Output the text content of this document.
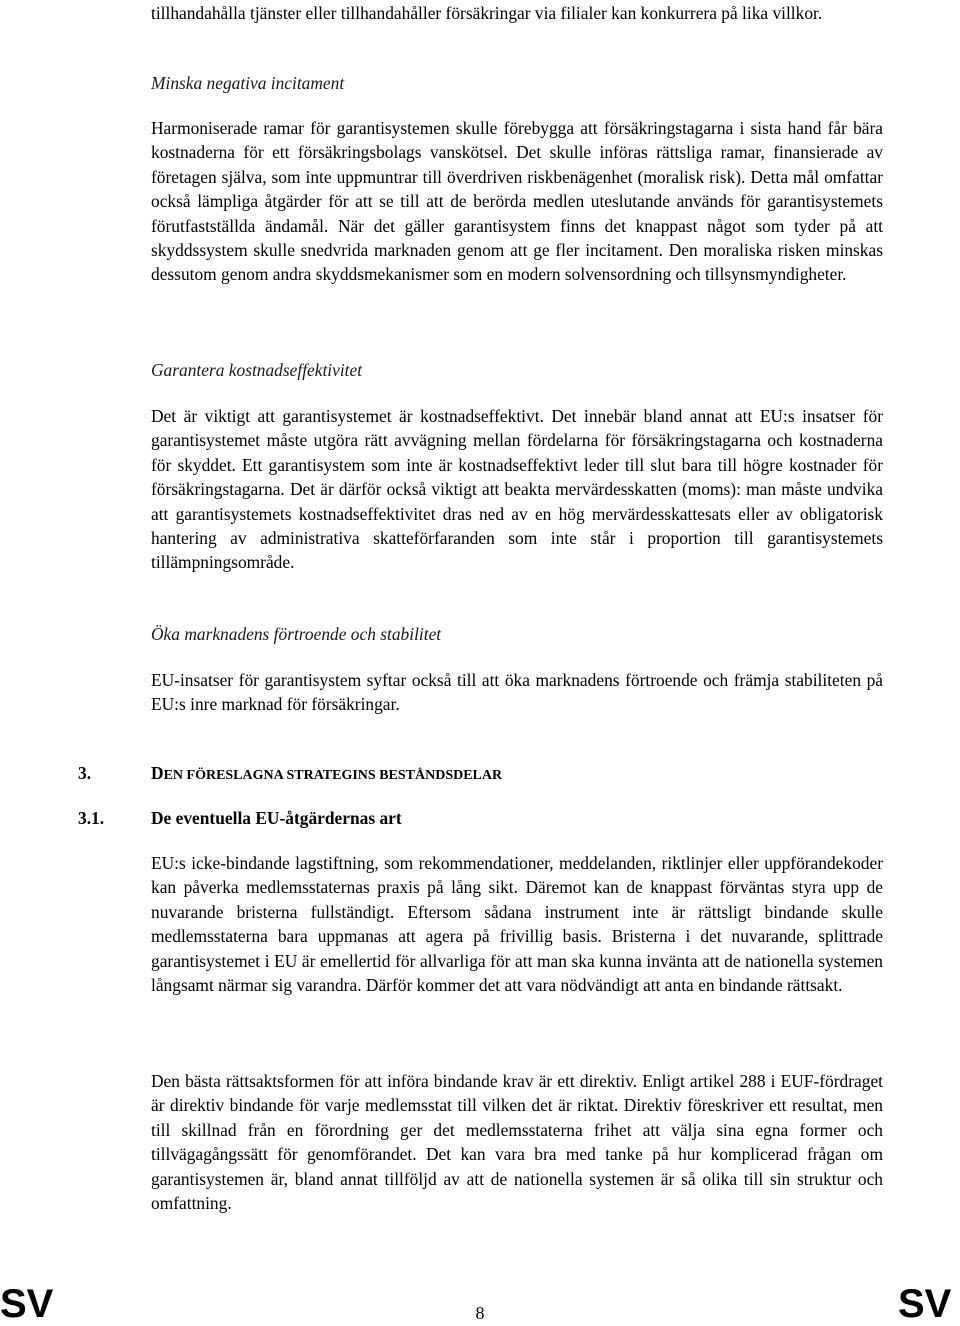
tillhandahålla tjänster eller tillhandahåller försäkringar via filialer kan konkurrera på lika villkor.

Minska negativa incitament

Harmoniserade ramar för garantisystemen skulle förebygga att försäkringstagarna i sista hand får bära kostnaderna för ett försäkringsbolags vanskötsel. Det skulle införas rättsliga ramar, finansierade av företagen själva, som inte uppmuntrar till överdriven riskbenägenhet (moralisk risk). Detta mål omfattar också lämpliga åtgärder för att se till att de berörda medlen uteslutande används för garantisystemets förutfastställda ändamål. När det gäller garantisystem finns det knappast något som tyder på att skyddssystem skulle snedvrida marknaden genom att ge fler incitament. Den moraliska risken minskas dessutom genom andra skyddsmekanismer som en modern solvensordning och tillsynsmyndigheter.

Garantera kostnadseffektivitet

Det är viktigt att garantisystemet är kostnadseffektivt. Det innebär bland annat att EU:s insatser för garantisystemet måste utgöra rätt avvägning mellan fördelarna för försäkringstagarna och kostnaderna för skyddet. Ett garantisystem som inte är kostnadseffektivt leder till slut bara till högre kostnader för försäkringstagarna. Det är därför också viktigt att beakta mervärdesskatten (moms): man måste undvika att garantisystemets kostnadseffektivitet dras ned av en hög mervärdesskattesats eller av obligatorisk hantering av administrativa skatteförfaranden som inte står i proportion till garantisystemets tillämpningsområde.

Öka marknadens förtroende och stabilitet

EU-insatser för garantisystem syftar också till att öka marknadens förtroende och främja stabiliteten på EU:s inre marknad för försäkringar.

3.	DEN FÖRESLAGNA STRATEGINS BESTÅNDSDELAR

3.1.	De eventuella EU-åtgärdernas art

EU:s icke-bindande lagstiftning, som rekommendationer, meddelanden, riktlinjer eller uppförandekoder kan påverka medlemsstaternas praxis på lång sikt. Däremot kan de knappast förväntas styra upp de nuvarande bristerna fullständigt. Eftersom sådana instrument inte är rättsligt bindande skulle medlemsstaterna bara uppmanas att agera på frivillig basis. Bristerna i det nuvarande, splittrade garantisystemet i EU är emellertid för allvarliga för att man ska kunna invänta att de nationella systemen långsamt närmar sig varandra. Därför kommer det att vara nödvändigt att anta en bindande rättsakt.

Den bästa rättsaktsformen för att införa bindande krav är ett direktiv. Enligt artikel 288 i EUF-fördraget är direktiv bindande för varje medlemsstat till vilken det är riktat. Direktiv föreskriver ett resultat, men till skillnad från en förordning ger det medlemsstaterna frihet att välja sina egna former och tillvägagångssätt för genomförandet. Det kan vara bra med tanke på hur komplicerad frågan om garantisystemen är, bland annat tillföljd av att de nationella systemen är så olika till sin struktur och omfattning.

SV	8	SV
